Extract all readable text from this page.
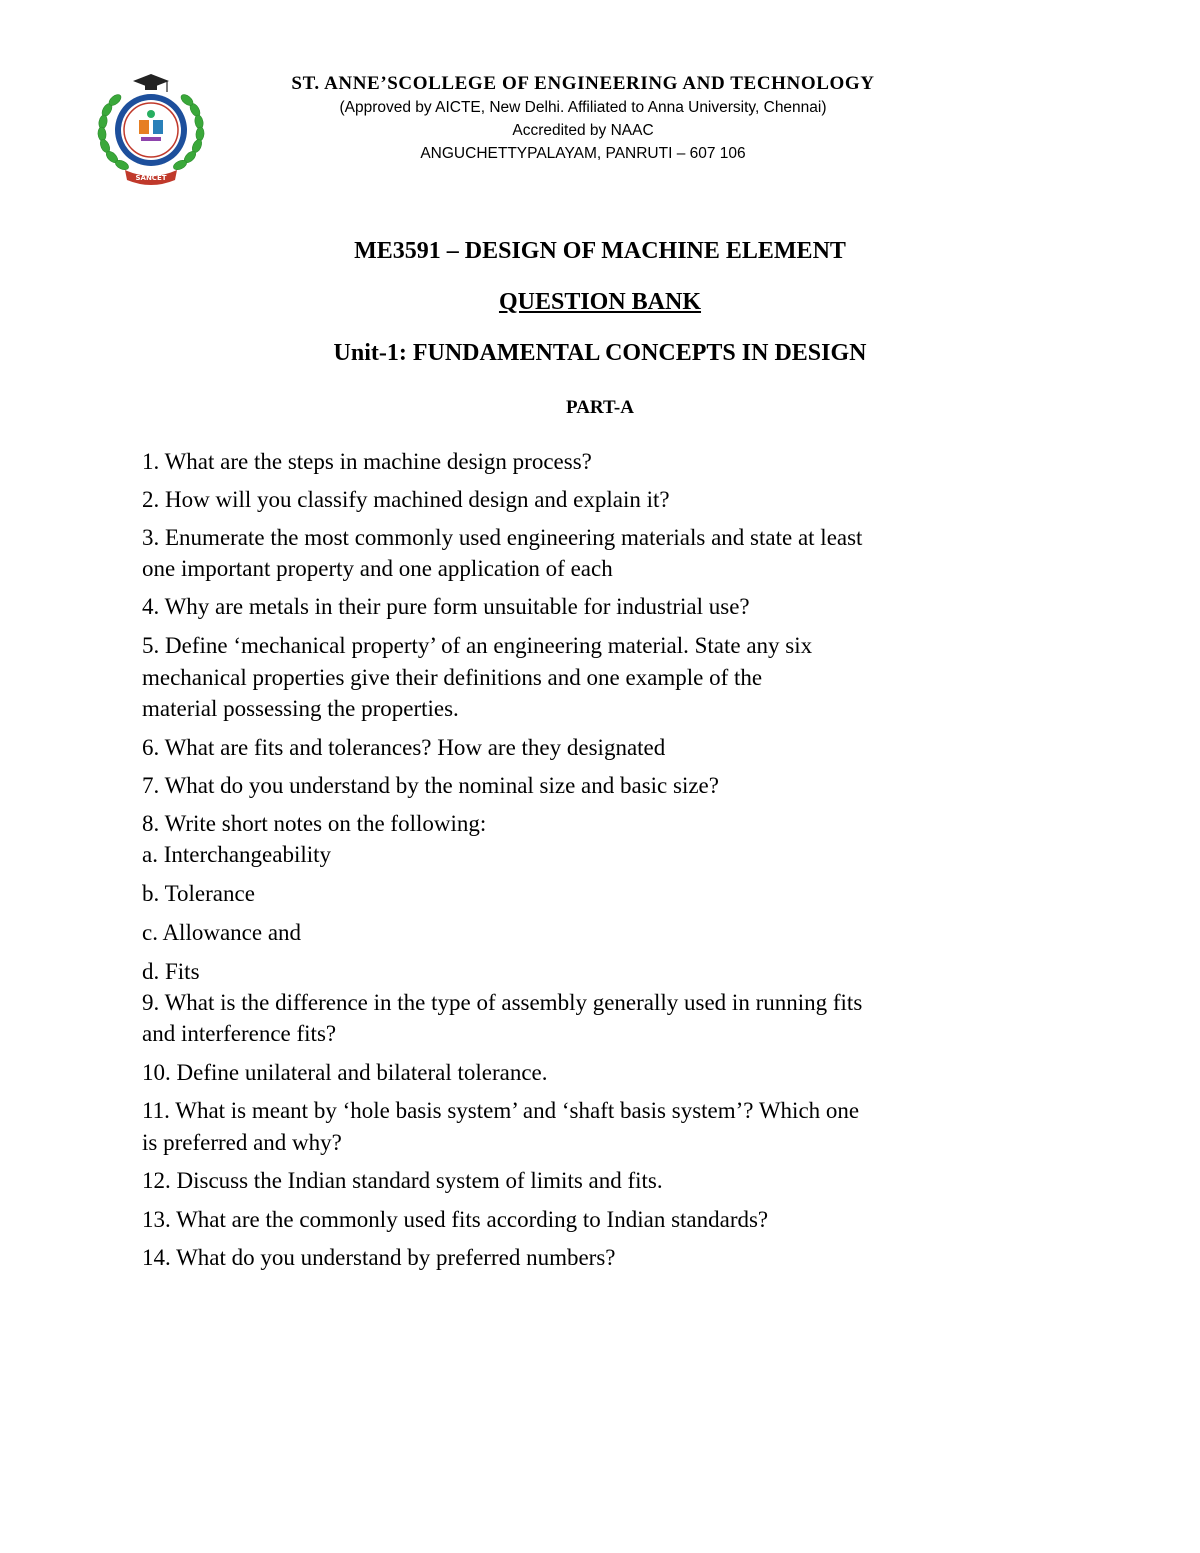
SANCET
ST. ANNE’SCOLLEGE OF ENGINEERING AND TECHNOLOGY
(Approved by AICTE, New Delhi. Affiliated to Anna University, Chennai)
Accredited by NAAC
ANGUCHETTYPALAYAM, PANRUTI – 607 106
ME3591 – DESIGN OF MACHINE ELEMENT
QUESTION BANK
Unit-1: FUNDAMENTAL CONCEPTS IN DESIGN
PART-A
1. What are the steps in machine design process?
2. How will you classify machined design and explain it?
3. Enumerate the most commonly used engineering materials and state at least
one important property and one application of each
4. Why are metals in their pure form unsuitable for industrial use?
5. Define ‘mechanical property’ of an engineering material. State any six
mechanical properties give their definitions and one example of the
material possessing the properties.
6. What are fits and tolerances? How are they designated
7. What do you understand by the nominal size and basic size?
8. Write short notes on the following:
a. Interchangeability
b. Tolerance
c. Allowance and
d. Fits
9. What is the difference in the type of assembly generally used in running fits
and interference fits?
10. Define unilateral and bilateral tolerance.
11. What is meant by ‘hole basis system’ and ‘shaft basis system’? Which one
is preferred and why?
12. Discuss the Indian standard system of limits and fits.
13. What are the commonly used fits according to Indian standards?
14. What do you understand by preferred numbers?
